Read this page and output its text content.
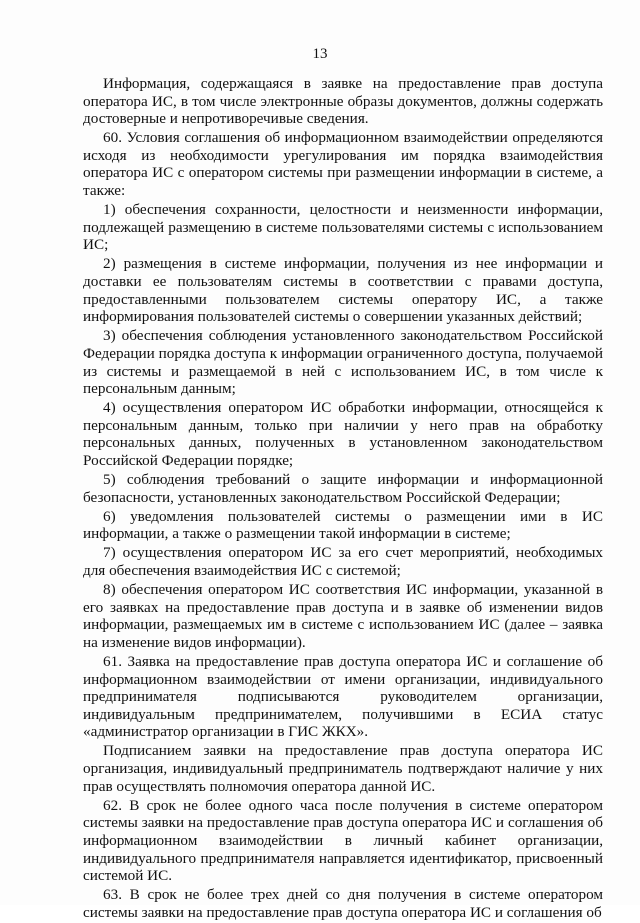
13

Информация, содержащаяся в заявке на предоставление прав доступа оператора ИС, в том числе электронные образы документов, должны содержать достоверные и непротиворечивые сведения.

60. Условия соглашения об информационном взаимодействии определяются исходя из необходимости урегулирования им порядка взаимодействия оператора ИС с оператором системы при размещении информации в системе, а также:

1) обеспечения сохранности, целостности и неизменности информации, подлежащей размещению в системе пользователями системы с использованием ИС;

2) размещения в системе информации, получения из нее информации и доставки ее пользователям системы в соответствии с правами доступа, предоставленными пользователем системы оператору ИС, а также информирования пользователей системы о совершении указанных действий;

3) обеспечения соблюдения установленного законодательством Российской Федерации порядка доступа к информации ограниченного доступа, получаемой из системы и размещаемой в ней с использованием ИС, в том числе к персональным данным;

4) осуществления оператором ИС обработки информации, относящейся к персональным данным, только при наличии у него прав на обработку персональных данных, полученных в установленном законодательством Российской Федерации порядке;

5) соблюдения требований о защите информации и информационной безопасности, установленных законодательством Российской Федерации;

6) уведомления пользователей системы о размещении ими в ИС информации, а также о размещении такой информации в системе;

7) осуществления оператором ИС за его счет мероприятий, необходимых для обеспечения взаимодействия ИС с системой;

8) обеспечения оператором ИС соответствия ИС информации, указанной в его заявках на предоставление прав доступа и в заявке об изменении видов информации, размещаемых им в системе с использованием ИС (далее – заявка на изменение видов информации).

61. Заявка на предоставление прав доступа оператора ИС и соглашение об информационном взаимодействии от имени организации, индивидуального предпринимателя подписываются руководителем организации, индивидуальным предпринимателем, получившими в ЕСИА статус «администратор организации в ГИС ЖКХ».

Подписанием заявки на предоставление прав доступа оператора ИС организация, индивидуальный предприниматель подтверждают наличие у них прав осуществлять полномочия оператора данной ИС.

62. В срок не более одного часа после получения в системе оператором системы заявки на предоставление прав доступа оператора ИС и соглашения об информационном взаимодействии в личный кабинет организации, индивидуального предпринимателя направляется идентификатор, присвоенный системой ИС.

63. В срок не более трех дней со дня получения в системе оператором системы заявки на предоставление прав доступа оператора ИС и соглашения об
